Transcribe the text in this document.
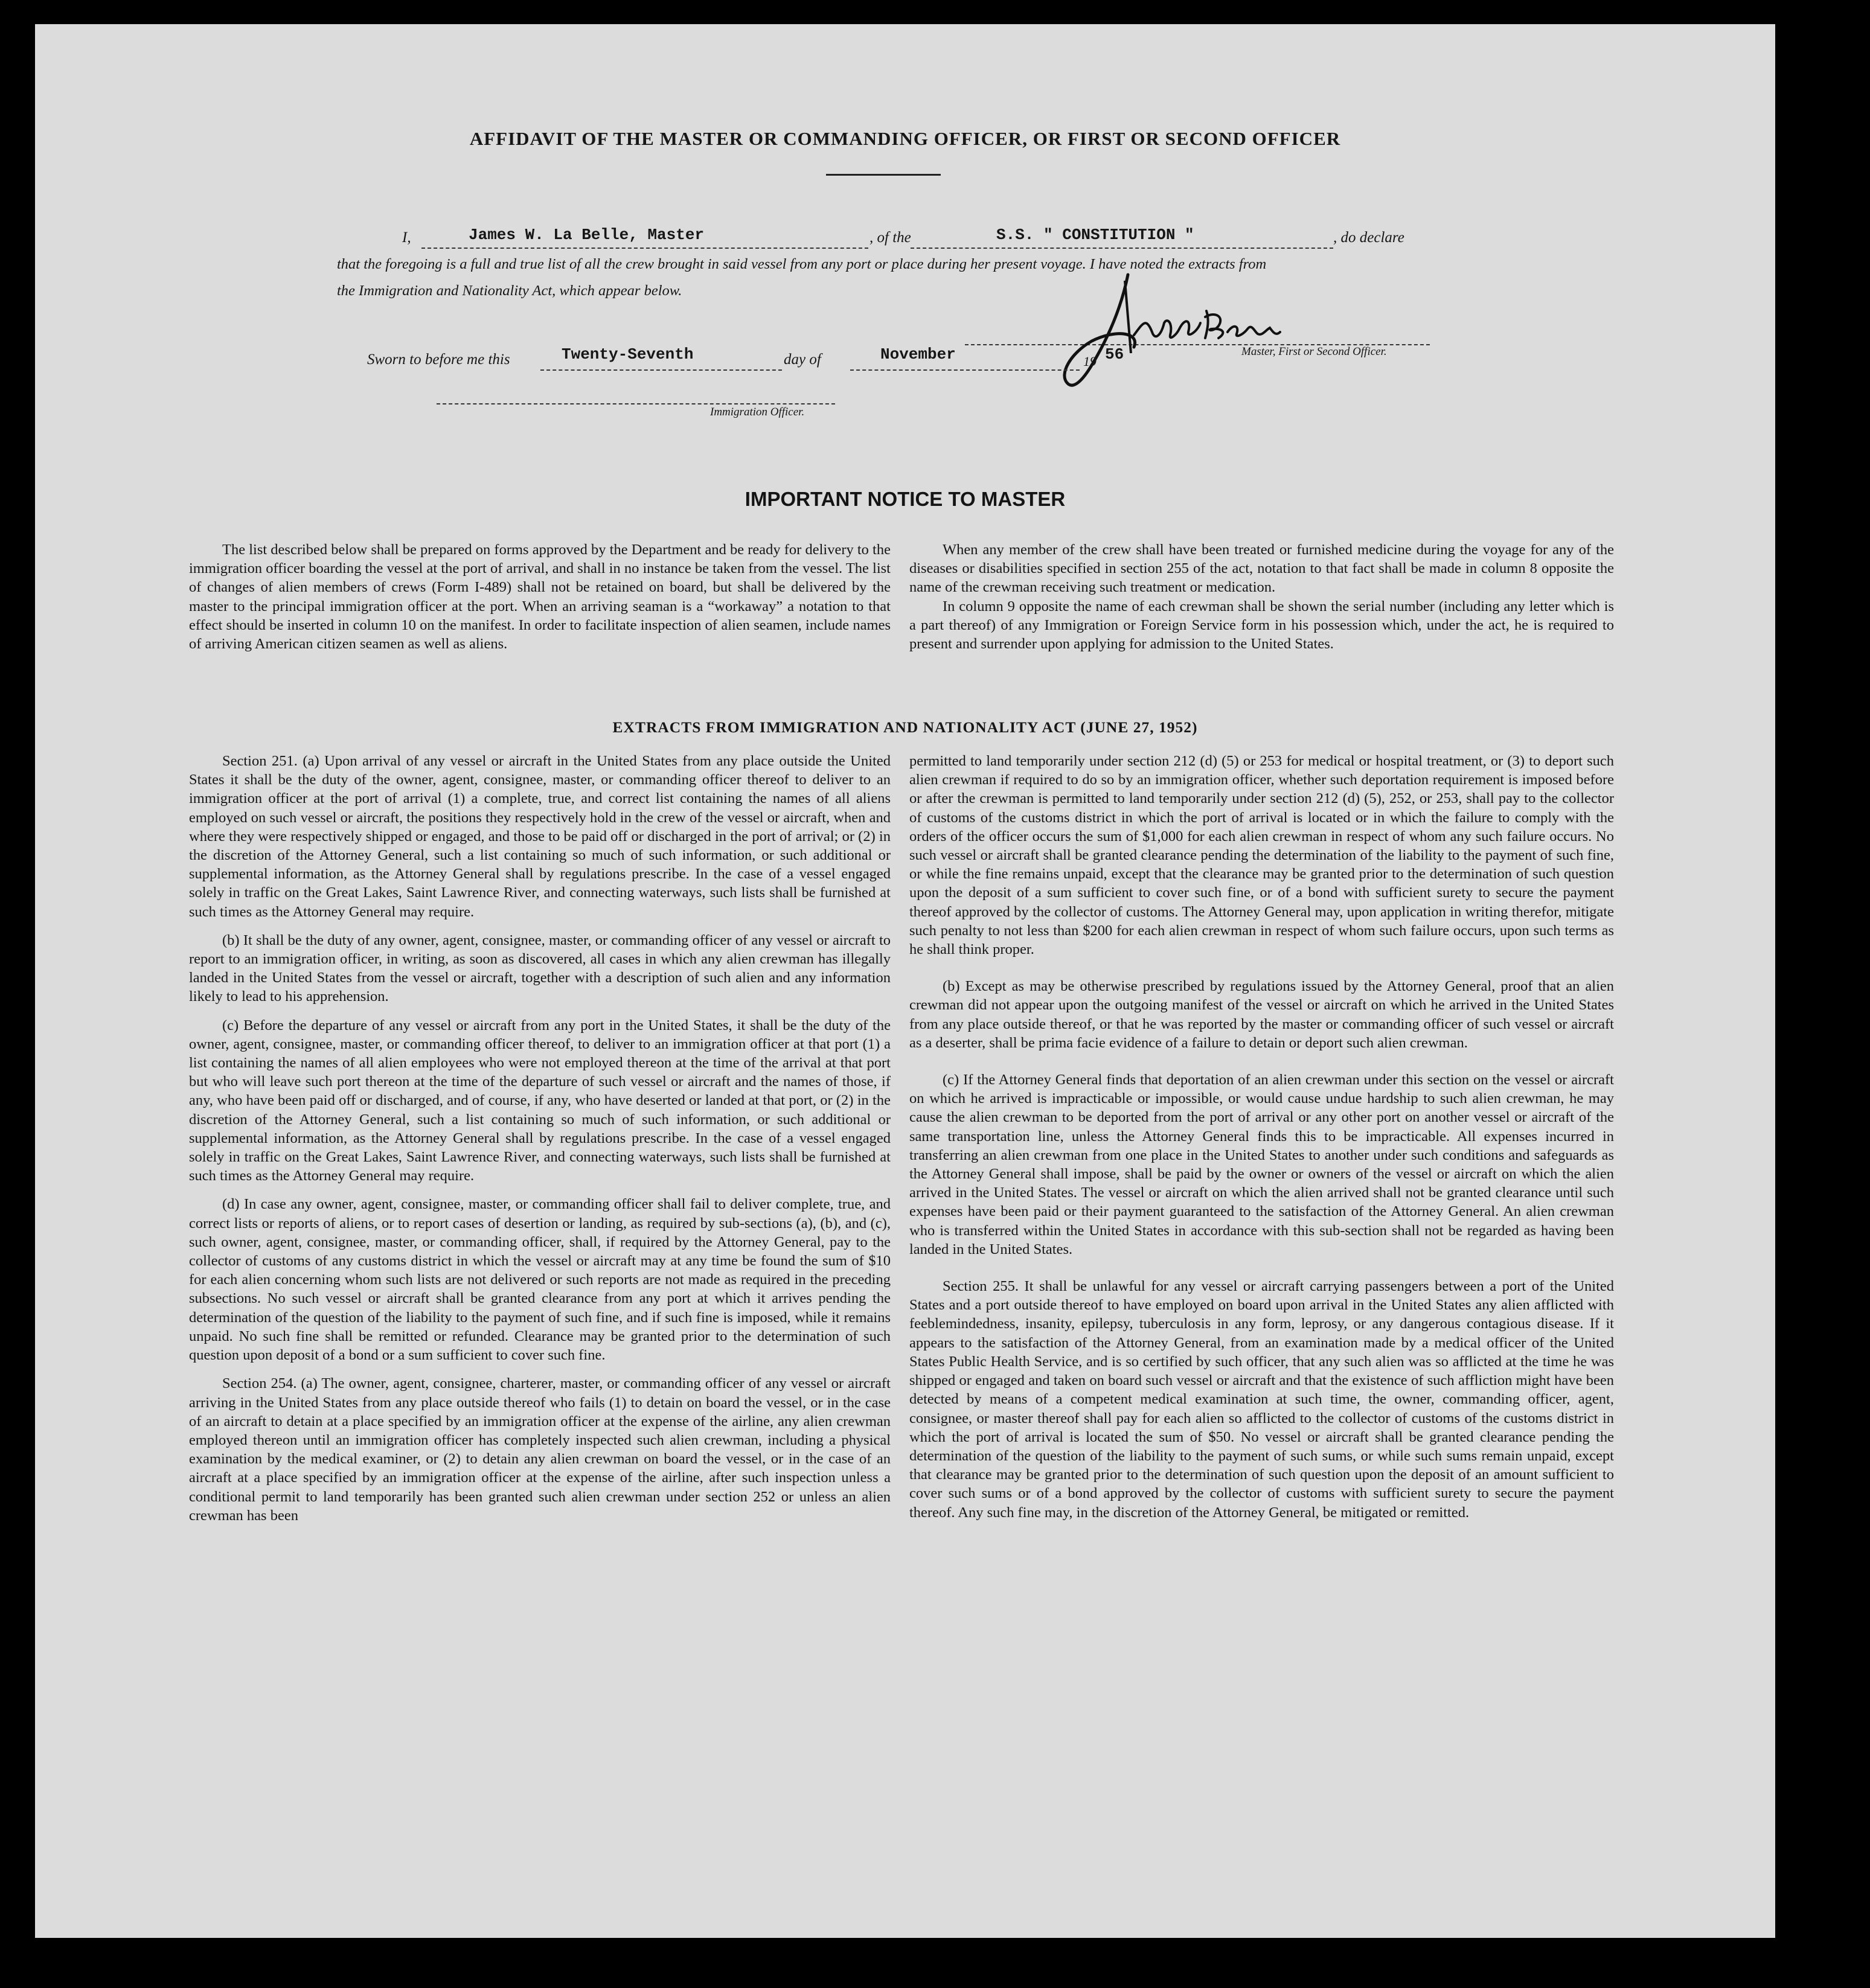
AFFIDAVIT OF THE MASTER OR COMMANDING OFFICER, OR FIRST OR SECOND OFFICER
I,	James W. La Belle, Master	, of the	S.S. " CONSTITUTION "	, do declare
that the foregoing is a full and true list of all the crew brought in said vessel from any port or place during her present voyage. I have noted the extracts from
the Immigration and Nationality Act, which appear below.
Master, First or Second Officer.
Sworn to before me this	Twenty-Seventh	day of	November	19 56
Immigration Officer.
IMPORTANT NOTICE TO MASTER

The list described below shall be prepared on forms approved by the Department and be ready for delivery to the immigration officer boarding the vessel at the port of arrival, and shall in no instance be taken from the vessel. The list of changes of alien members of crews (Form I-489) shall not be retained on board, but shall be delivered by the master to the principal immigration officer at the port. When an arriving seaman is a “workaway” a notation to that effect should be inserted in column 10 on the manifest. In order to facilitate inspection of alien seamen, include names of arriving American citizen seamen as well as aliens.

When any member of the crew shall have been treated or furnished medicine during the voyage for any of the diseases or disabilities specified in section 255 of the act, notation to that fact shall be made in column 8 opposite the name of the crewman receiving such treatment or medication.

In column 9 opposite the name of each crewman shall be shown the serial number (including any letter which is a part thereof) of any Immigration or Foreign Service form in his possession which, under the act, he is required to present and surrender upon applying for admission to the United States.

EXTRACTS FROM IMMIGRATION AND NATIONALITY ACT (JUNE 27, 1952)

Section 251. (a) Upon arrival of any vessel or aircraft in the United States from any place outside the United States it shall be the duty of the owner, agent, consignee, master, or commanding officer thereof to deliver to an immigration officer at the port of arrival (1) a complete, true, and correct list containing the names of all aliens employed on such vessel or aircraft, the positions they respectively hold in the crew of the vessel or aircraft, when and where they were respectively shipped or engaged, and those to be paid off or discharged in the port of arrival; or (2) in the discretion of the Attorney General, such a list containing so much of such information, or such additional or supplemental information, as the Attorney General shall by regulations prescribe. In the case of a vessel engaged solely in traffic on the Great Lakes, Saint Lawrence River, and connecting waterways, such lists shall be furnished at such times as the Attorney General may require.

(b) It shall be the duty of any owner, agent, consignee, master, or commanding officer of any vessel or aircraft to report to an immigration officer, in writing, as soon as discovered, all cases in which any alien crewman has illegally landed in the United States from the vessel or aircraft, together with a description of such alien and any information likely to lead to his apprehension.

(c) Before the departure of any vessel or aircraft from any port in the United States, it shall be the duty of the owner, agent, consignee, master, or commanding officer thereof, to deliver to an immigration officer at that port (1) a list containing the names of all alien employees who were not employed thereon at the time of the arrival at that port but who will leave such port thereon at the time of the departure of such vessel or aircraft and the names of those, if any, who have been paid off or discharged, and of course, if any, who have deserted or landed at that port, or (2) in the discretion of the Attorney General, such a list containing so much of such information, or such additional or supplemental information, as the Attorney General shall by regulations prescribe. In the case of a vessel engaged solely in traffic on the Great Lakes, Saint Lawrence River, and connecting waterways, such lists shall be furnished at such times as the Attorney General may require.

(d) In case any owner, agent, consignee, master, or commanding officer shall fail to deliver complete, true, and correct lists or reports of aliens, or to report cases of desertion or landing, as required by sub-sections (a), (b), and (c), such owner, agent, consignee, master, or commanding officer, shall, if required by the Attorney General, pay to the collector of customs of any customs district in which the vessel or aircraft may at any time be found the sum of $10 for each alien concerning whom such lists are not delivered or such reports are not made as required in the preceding subsections. No such vessel or aircraft shall be granted clearance from any port at which it arrives pending the determination of the question of the liability to the payment of such fine, and if such fine is imposed, while it remains unpaid. No such fine shall be remitted or refunded. Clearance may be granted prior to the determination of such question upon deposit of a bond or a sum sufficient to cover such fine.

Section 254. (a) The owner, agent, consignee, charterer, master, or commanding officer of any vessel or aircraft arriving in the United States from any place outside thereof who fails (1) to detain on board the vessel, or in the case of an aircraft to detain at a place specified by an immigration officer at the expense of the airline, any alien crewman employed thereon until an immigration officer has completely inspected such alien crewman, including a physical examination by the medical examiner, or (2) to detain any alien crewman on board the vessel, or in the case of an aircraft at a place specified by an immigration officer at the expense of the airline, after such inspection unless a conditional permit to land temporarily has been granted such alien crewman under section 252 or unless an alien crewman has been

permitted to land temporarily under section 212 (d) (5) or 253 for medical or hospital treatment, or (3) to deport such alien crewman if required to do so by an immigration officer, whether such deportation requirement is imposed before or after the crewman is permitted to land temporarily under section 212 (d) (5), 252, or 253, shall pay to the collector of customs of the customs district in which the port of arrival is located or in which the failure to comply with the orders of the officer occurs the sum of $1,000 for each alien crewman in respect of whom any such failure occurs. No such vessel or aircraft shall be granted clearance pending the determination of the liability to the payment of such fine, or while the fine remains unpaid, except that the clearance may be granted prior to the determination of such question upon the deposit of a sum sufficient to cover such fine, or of a bond with sufficient surety to secure the payment thereof approved by the collector of customs. The Attorney General may, upon application in writing therefor, mitigate such penalty to not less than $200 for each alien crewman in respect of whom such failure occurs, upon such terms as he shall think proper.

(b) Except as may be otherwise prescribed by regulations issued by the Attorney General, proof that an alien crewman did not appear upon the outgoing manifest of the vessel or aircraft on which he arrived in the United States from any place outside thereof, or that he was reported by the master or commanding officer of such vessel or aircraft as a deserter, shall be prima facie evidence of a failure to detain or deport such alien crewman.

(c) If the Attorney General finds that deportation of an alien crewman under this section on the vessel or aircraft on which he arrived is impracticable or impossible, or would cause undue hardship to such alien crewman, he may cause the alien crewman to be deported from the port of arrival or any other port on another vessel or aircraft of the same transportation line, unless the Attorney General finds this to be impracticable. All expenses incurred in transferring an alien crewman from one place in the United States to another under such conditions and safeguards as the Attorney General shall impose, shall be paid by the owner or owners of the vessel or aircraft on which the alien arrived in the United States. The vessel or aircraft on which the alien arrived shall not be granted clearance until such expenses have been paid or their payment guaranteed to the satisfaction of the Attorney General. An alien crewman who is transferred within the United States in accordance with this sub-section shall not be regarded as having been landed in the United States.

Section 255. It shall be unlawful for any vessel or aircraft carrying passengers between a port of the United States and a port outside thereof to have employed on board upon arrival in the United States any alien afflicted with feeblemindedness, insanity, epilepsy, tuberculosis in any form, leprosy, or any dangerous contagious disease. If it appears to the satisfaction of the Attorney General, from an examination made by a medical officer of the United States Public Health Service, and is so certified by such officer, that any such alien was so afflicted at the time he was shipped or engaged and taken on board such vessel or aircraft and that the existence of such affliction might have been detected by means of a competent medical examination at such time, the owner, commanding officer, agent, consignee, or master thereof shall pay for each alien so afflicted to the collector of customs of the customs district in which the port of arrival is located the sum of $50. No vessel or aircraft shall be granted clearance pending the determination of the question of the liability to the payment of such sums, or while such sums remain unpaid, except that clearance may be granted prior to the determination of such question upon the deposit of an amount sufficient to cover such sums or of a bond approved by the collector of customs with sufficient surety to secure the payment thereof. Any such fine may, in the discretion of the Attorney General, be mitigated or remitted.
